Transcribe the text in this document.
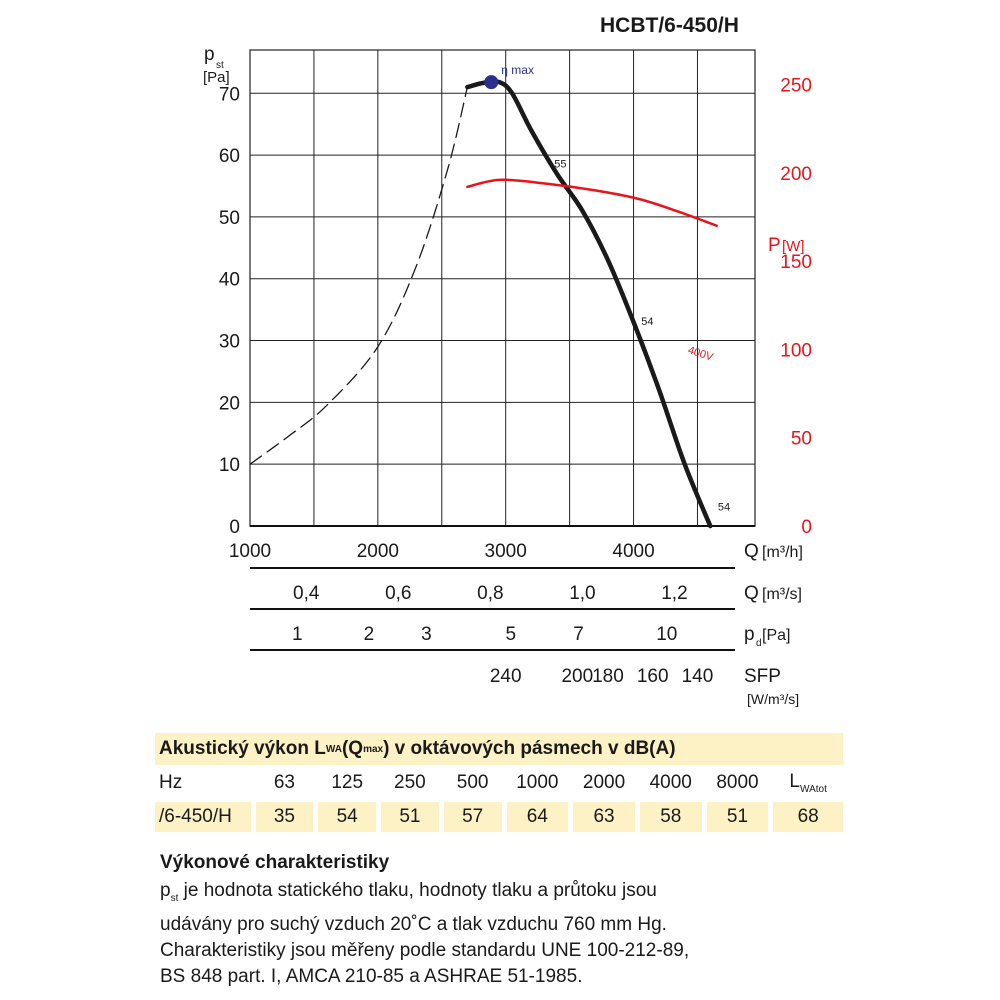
HCBT/6-450/H
0
10
20
30
40
50
60
70
p
st
[Pa]
0
50
100
150
200
250
P [W]
1000	2000	3000	4000	Q [m³/h]
0,4	0,6	0,8	1,0	1,2	Q [m³/s]
1	2 3	5	7	10	p d [Pa]
240 200
180 160 140 SFP
[W/m³/s]
η max
55
54
54
400V
Akustický výkon L WA (Q max ) v oktávových pásmech v dB(A)
Hz	63	125	250	500	1000	2000	4000	8000	$L_{WAtot}$
/6-450/H	35	54	51	57	64	63	58	51	68
Výkonové charakteristiky

$p_{st}$ je hodnota statického tlaku, hodnoty tlaku a průtoku jsou

udávány pro suchý vzduch 20˚C a tlak vzduchu 760 mm Hg.

Charakteristiky jsou měřeny podle standardu UNE 100-212-89,

BS 848 part. I, AMCA 210-85 a ASHRAE 51-1985.
